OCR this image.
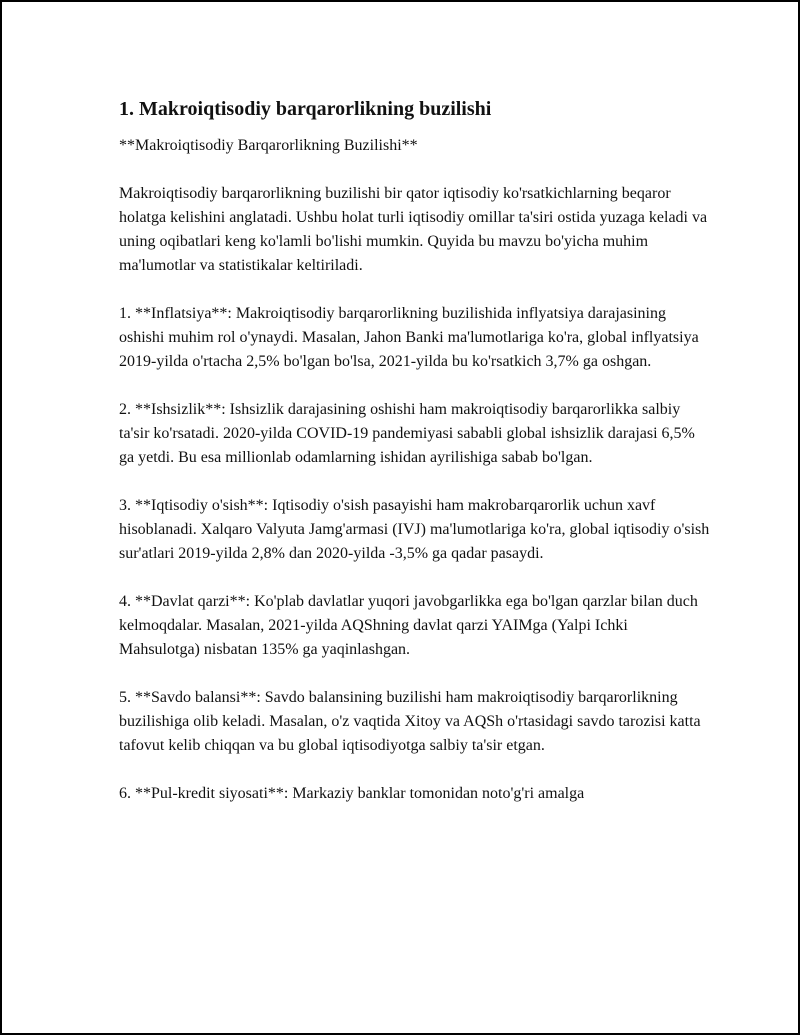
1. Makroiqtisodiy barqarorlikning buzilishi

**Makroiqtisodiy Barqarorlikning Buzilishi**

Makroiqtisodiy barqarorlikning buzilishi bir qator iqtisodiy ko'rsatkichlarning beqaror holatga kelishini anglatadi. Ushbu holat turli iqtisodiy omillar ta'siri ostida yuzaga keladi va uning oqibatlari keng ko'lamli bo'lishi mumkin. Quyida bu mavzu bo'yicha muhim ma'lumotlar va statistikalar keltiriladi.

1. **Inflatsiya**: Makroiqtisodiy barqarorlikning buzilishida inflyatsiya darajasining oshishi muhim rol o'ynaydi. Masalan, Jahon Banki ma'lumotlariga ko'ra, global inflyatsiya 2019-yilda o'rtacha 2,5% bo'lgan bo'lsa, 2021-yilda bu ko'rsatkich 3,7% ga oshgan.

2. **Ishsizlik**: Ishsizlik darajasining oshishi ham makroiqtisodiy barqarorlikka salbiy ta'sir ko'rsatadi. 2020-yilda COVID-19 pandemiyasi sababli global ishsizlik darajasi 6,5% ga yetdi. Bu esa millionlab odamlarning ishidan ayrilishiga sabab bo'lgan.

3. **Iqtisodiy o'sish**: Iqtisodiy o'sish pasayishi ham makrobarqarorlik uchun xavf hisoblanadi. Xalqaro Valyuta Jamg'armasi (IVJ) ma'lumotlariga ko'ra, global iqtisodiy o'sish sur'atlari 2019-yilda 2,8% dan 2020-yilda -3,5% ga qadar pasaydi.

4. **Davlat qarzi**: Ko'plab davlatlar yuqori javobgarlikka ega bo'lgan qarzlar bilan duch kelmoqdalar. Masalan, 2021-yilda AQShning davlat qarzi YAIMga (Yalpi Ichki Mahsulotga) nisbatan 135% ga yaqinlashgan.

5. **Savdo balansi**: Savdo balansining buzilishi ham makroiqtisodiy barqarorlikning buzilishiga olib keladi. Masalan, o'z vaqtida Xitoy va AQSh o'rtasidagi savdo tarozisi katta tafovut kelib chiqqan va bu global iqtisodiyotga salbiy ta'sir etgan.

6. **Pul-kredit siyosati**: Markaziy banklar tomonidan noto'g'ri amalga
